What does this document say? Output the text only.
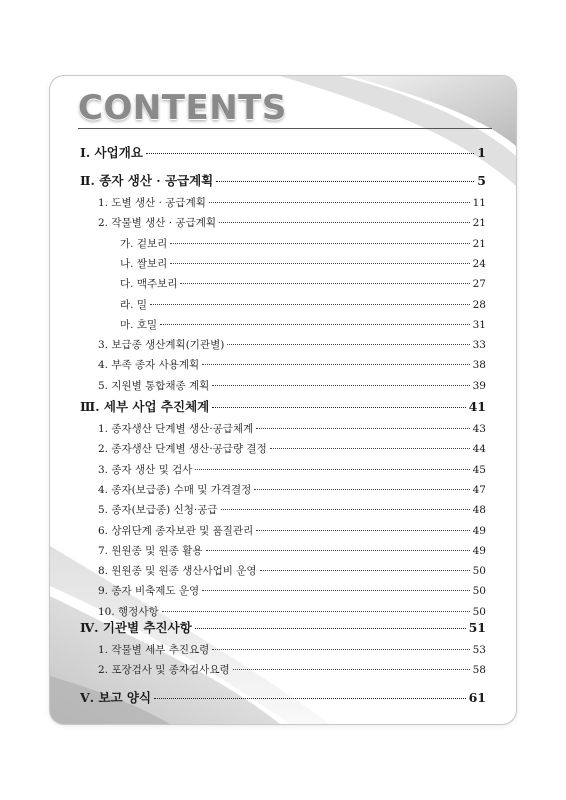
CONTENTS
Ⅰ. 사업개요	1
Ⅱ. 종자 생산 · 공급계획	5
1. 도별 생산 · 공급계획	11
2. 작물별 생산 · 공급계획	21
가. 겉보리	21
나. 쌀보리	24
다. 맥주보리	27
라. 밀	28
마. 호밀	31
3. 보급종 생산계획(기관별)	33
4. 부족 종자 사용계획	38
5. 지원별 통합채종 계획	39
Ⅲ. 세부 사업 추진체계	41
1. 종자생산 단계별 생산·공급체계	43
2. 종자생산 단계별 생산·공급량 결정	44
3. 종자 생산 및 검사	45
4. 종자(보급종) 수매 및 가격결정	47
5. 종자(보급종) 신청·공급	48
6. 상위단계 종자보관 및 품질관리	49
7. 원원종 및 원종 활용	49
8. 원원종 및 원종 생산사업비 운영	50
9. 종자 비축제도 운영	50
10. 행정사항	50
Ⅳ. 기관별 추진사항	51
1. 작물별 세부 추진요령	53
2. 포장검사 및 종자검사요령	58
Ⅴ. 보고 양식	61
